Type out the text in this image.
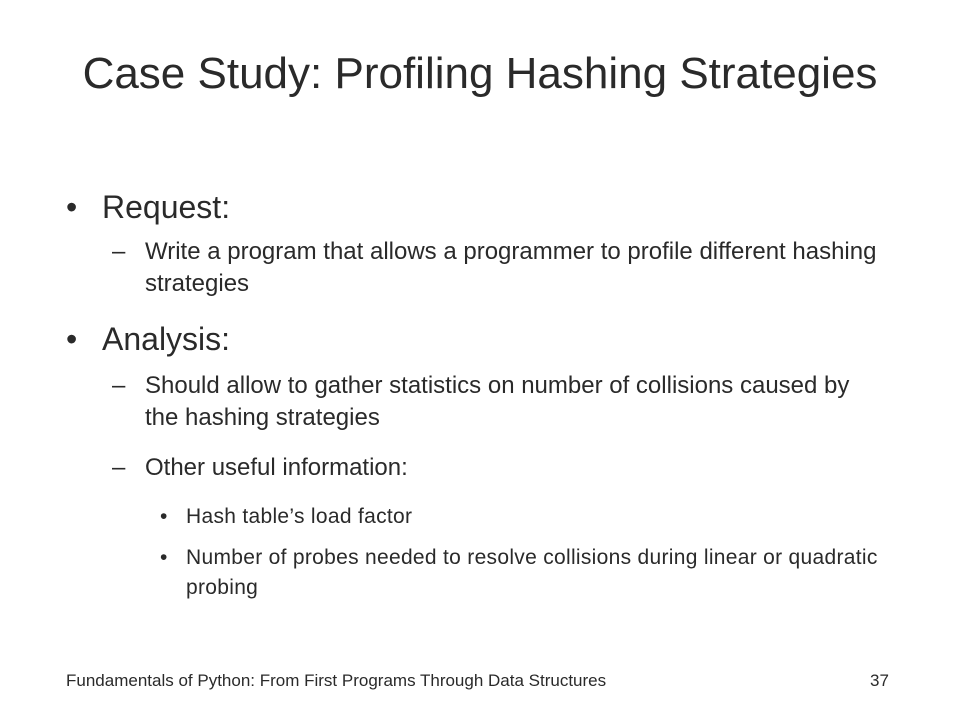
Case Study: Profiling Hashing Strategies
• Request:
– Write a program that allows a programmer to profile different hashing strategies
• Analysis:
– Should allow to gather statistics on number of collisions caused by the hashing strategies
– Other useful information:
• Hash table’s load factor
• Number of probes needed to resolve collisions during linear or quadratic probing
Fundamentals of Python: From First Programs Through Data Structures	37
